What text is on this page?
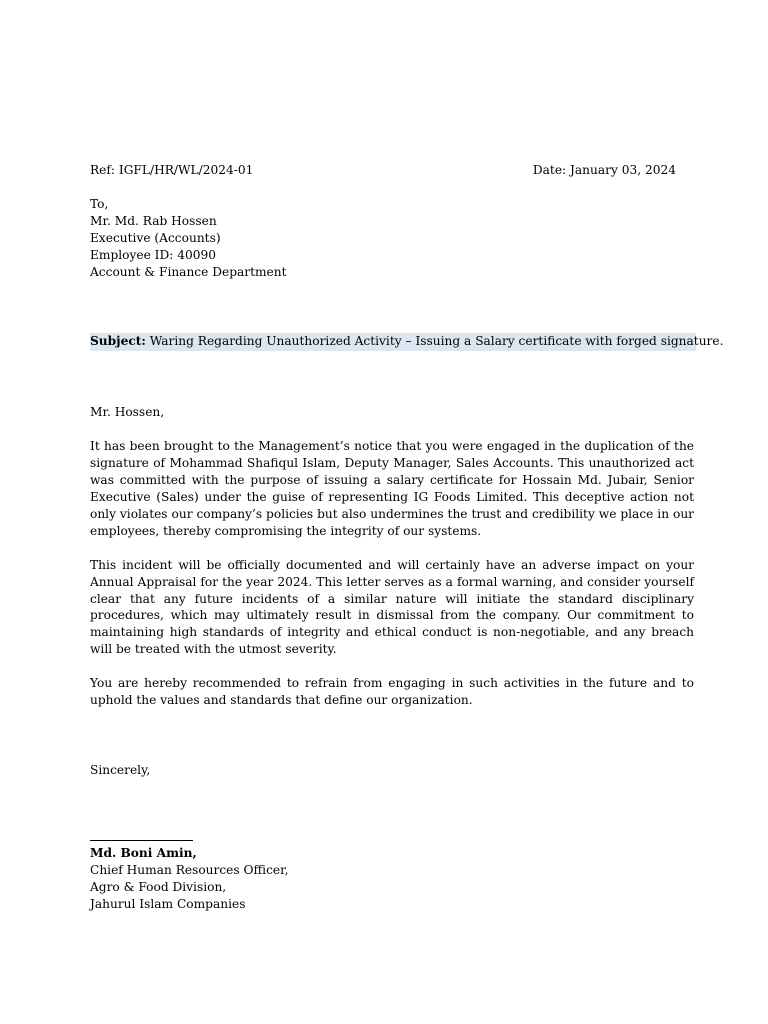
Ref: IGFL/HR/WL/2024-01	Date: January 03, 2024
To,
Mr. Md. Rab Hossen
Executive (Accounts)
Employee ID: 40090
Account & Finance Department
Subject: Waring Regarding Unauthorized Activity – Issuing a Salary certificate with forged signature.
Mr. Hossen,
It has been brought to the Management’s notice that you were engaged in the duplication of the signature of Mohammad Shafiqul Islam, Deputy Manager, Sales Accounts. This unauthorized act was committed with the purpose of issuing a salary certificate for Hossain Md. Jubair, Senior Executive (Sales) under the guise of representing IG Foods Limited. This deceptive action not only violates our company’s policies but also undermines the trust and credibility we place in our employees, thereby compromising the integrity of our systems.
This incident will be officially documented and will certainly have an adverse impact on your Annual Appraisal for the year 2024. This letter serves as a formal warning, and consider yourself clear that any future incidents of a similar nature will initiate the standard disciplinary procedures, which may ultimately result in dismissal from the company. Our commitment to maintaining high standards of integrity and ethical conduct is non-negotiable, and any breach will be treated with the utmost severity.
You are hereby recommended to refrain from engaging in such activities in the future and to uphold the values and standards that define our organization.
Sincerely,
Md. Boni Amin,
Chief Human Resources Officer,
Agro & Food Division,
Jahurul Islam Companies
